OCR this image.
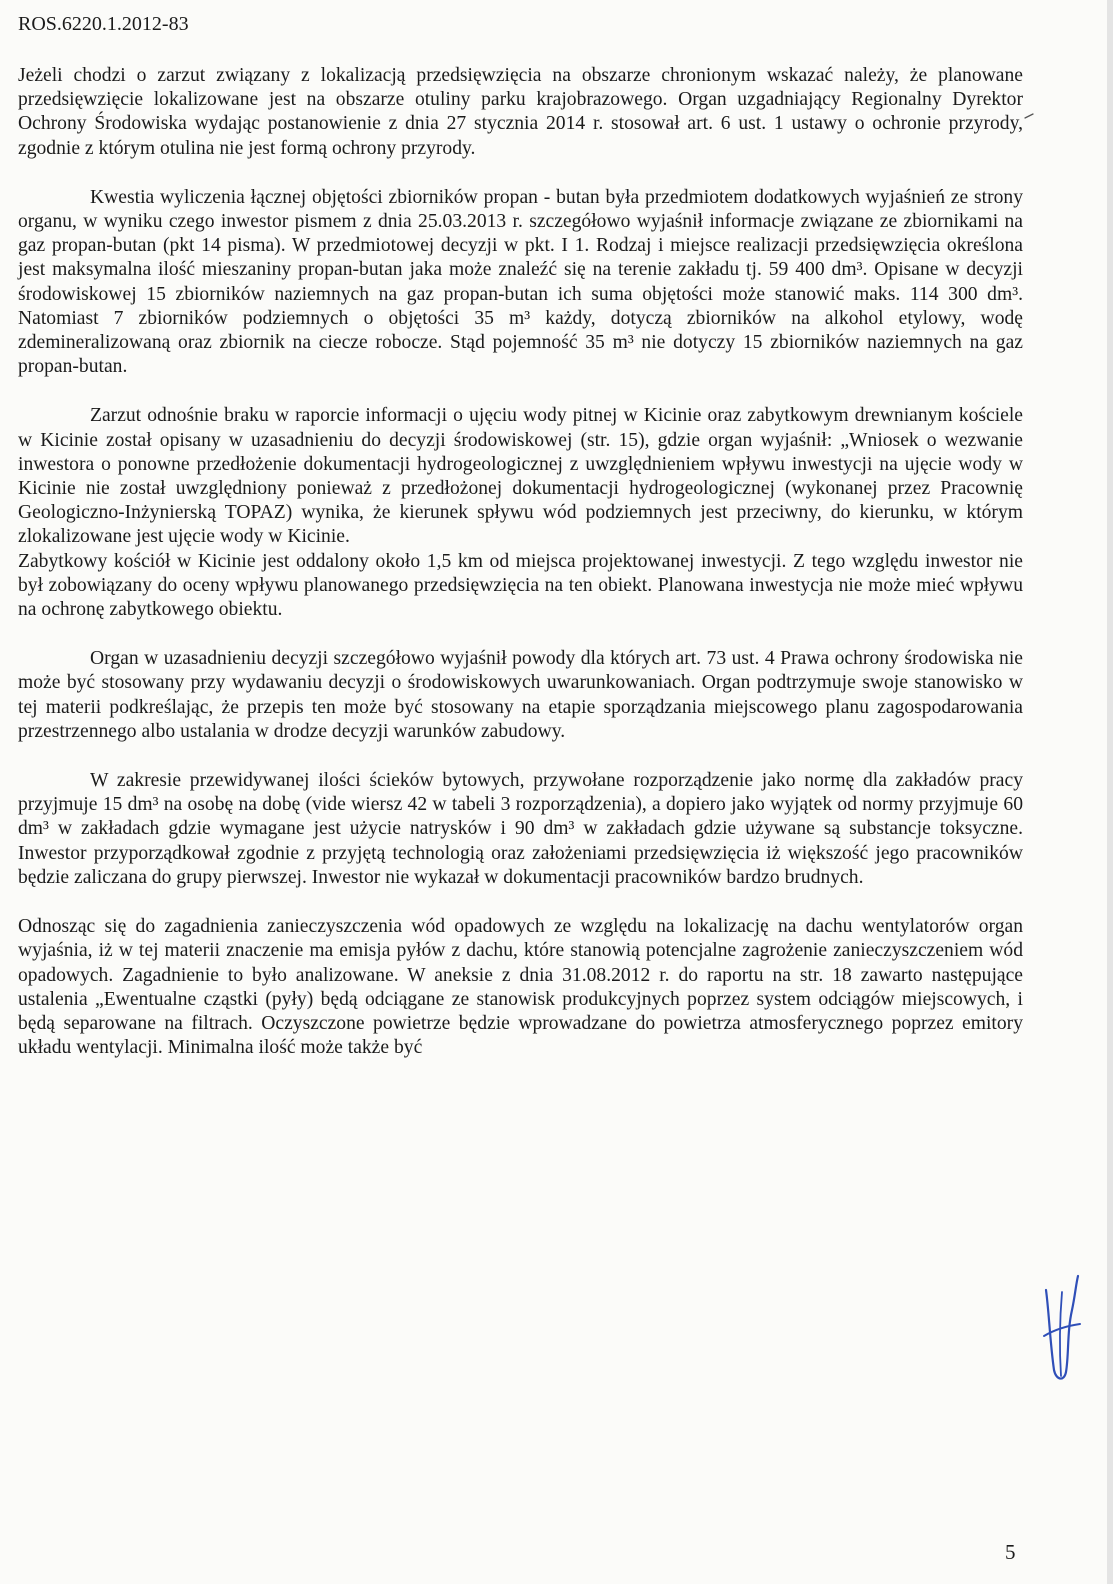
ROS.6220.1.2012-83

Jeżeli chodzi o zarzut związany z lokalizacją przedsięwzięcia na obszarze chronionym wskazać należy, że planowane przedsięwzięcie lokalizowane jest na obszarze otuliny parku krajobrazowego. Organ uzgadniający Regionalny Dyrektor Ochrony Środowiska wydając postanowienie z dnia 27 stycznia 2014 r. stosował art. 6 ust. 1 ustawy o ochronie przyrody, zgodnie z którym otulina nie jest formą ochrony przyrody.

Kwestia wyliczenia łącznej objętości zbiorników propan - butan była przedmiotem dodatkowych wyjaśnień ze strony organu, w wyniku czego inwestor pismem z dnia 25.03.2013 r. szczegółowo wyjaśnił informacje związane ze zbiornikami na gaz propan-butan (pkt 14 pisma). W przedmiotowej decyzji w pkt. I 1. Rodzaj i miejsce realizacji przedsięwzięcia określona jest maksymalna ilość mieszaniny propan-butan jaka może znaleźć się na terenie zakładu tj. 59 400 dm³. Opisane w decyzji środowiskowej 15 zbiorników naziemnych na gaz propan-butan ich suma objętości może stanowić maks. 114 300 dm³. Natomiast 7 zbiorników podziemnych o objętości 35 m³ każdy, dotyczą zbiorników na alkohol etylowy, wodę zdemineralizowaną oraz zbiornik na ciecze robocze. Stąd pojemność 35 m³ nie dotyczy 15 zbiorników naziemnych na gaz propan-butan.

Zarzut odnośnie braku w raporcie informacji o ujęciu wody pitnej w Kicinie oraz zabytkowym drewnianym kościele w Kicinie został opisany w uzasadnieniu do decyzji środowiskowej (str. 15), gdzie organ wyjaśnił: „Wniosek o wezwanie inwestora o ponowne przedłożenie dokumentacji hydrogeologicznej z uwzględnieniem wpływu inwestycji na ujęcie wody w Kicinie nie został uwzględniony ponieważ z przedłożonej dokumentacji hydrogeologicznej (wykonanej przez Pracownię Geologiczno-Inżynierską TOPAZ) wynika, że kierunek spływu wód podziemnych jest przeciwny, do kierunku, w którym zlokalizowane jest ujęcie wody w Kicinie.
Zabytkowy kościół w Kicinie jest oddalony około 1,5 km od miejsca projektowanej inwestycji. Z tego względu inwestor nie był zobowiązany do oceny wpływu planowanego przedsięwzięcia na ten obiekt. Planowana inwestycja nie może mieć wpływu na ochronę zabytkowego obiektu.

Organ w uzasadnieniu decyzji szczegółowo wyjaśnił powody dla których art. 73 ust. 4 Prawa ochrony środowiska nie może być stosowany przy wydawaniu decyzji o środowiskowych uwarunkowaniach. Organ podtrzymuje swoje stanowisko w tej materii podkreślając, że przepis ten może być stosowany na etapie sporządzania miejscowego planu zagospodarowania przestrzennego albo ustalania w drodze decyzji warunków zabudowy.

W zakresie przewidywanej ilości ścieków bytowych, przywołane rozporządzenie jako normę dla zakładów pracy przyjmuje 15 dm³ na osobę na dobę (vide wiersz 42 w tabeli 3 rozporządzenia), a dopiero jako wyjątek od normy przyjmuje 60 dm³ w zakładach gdzie wymagane jest użycie natrysków i 90 dm³ w zakładach gdzie używane są substancje toksyczne. Inwestor przyporządkował zgodnie z przyjętą technologią oraz założeniami przedsięwzięcia iż większość jego pracowników będzie zaliczana do grupy pierwszej. Inwestor nie wykazał w dokumentacji pracowników bardzo brudnych.

Odnosząc się do zagadnienia zanieczyszczenia wód opadowych ze względu na lokalizację na dachu wentylatorów organ wyjaśnia, iż w tej materii znaczenie ma emisja pyłów z dachu, które stanowią potencjalne zagrożenie zanieczyszczeniem wód opadowych. Zagadnienie to było analizowane. W aneksie z dnia 31.08.2012 r. do raportu na str. 18 zawarto następujące ustalenia „Ewentualne cząstki (pyły) będą odciągane ze stanowisk produkcyjnych poprzez system odciągów miejscowych, i będą separowane na filtrach. Oczyszczone powietrze będzie wprowadzane do powietrza atmosferycznego poprzez emitory układu wentylacji. Minimalna ilość może także być

5
